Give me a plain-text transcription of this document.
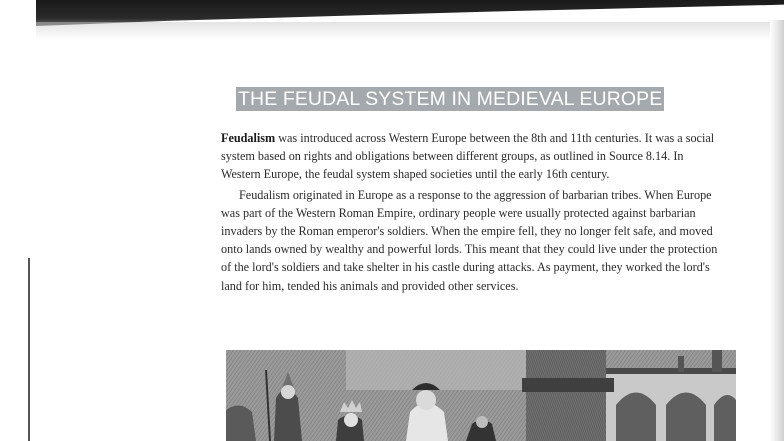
THE FEUDAL SYSTEM IN MEDIEVAL EUROPE

Feudalism was introduced across Western Europe between the 8th and 11th centuries. It was a social system based on rights and obligations between different groups, as outlined in Source 8.14. In Western Europe, the feudal system shaped societies until the early 16th century.

Feudalism originated in Europe as a response to the aggression of barbarian tribes. When Europe was part of the Western Roman Empire, ordinary people were usually protected against barbarian invaders by the Roman emperor's soldiers. When the empire fell, they no longer felt safe, and moved onto lands owned by wealthy and powerful lords. This meant that they could live under the protection of the lord's soldiers and take shelter in his castle during attacks. As payment, they worked the lord's land for him, tended his animals and provided other services.
